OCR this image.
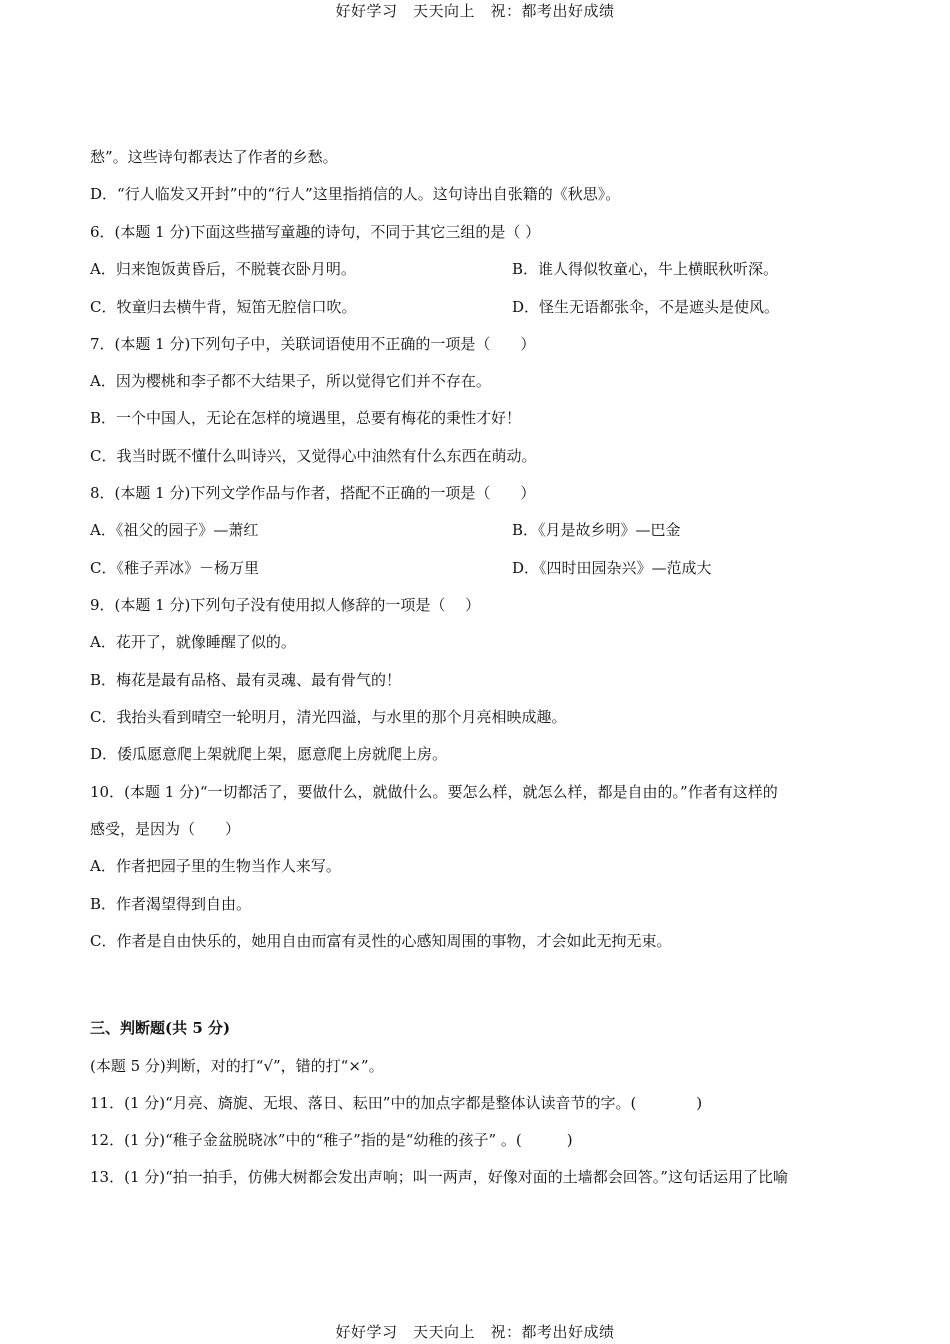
好好学习　天天向上　祝：都考出好成绩
愁”。这些诗句都表达了作者的乡愁。
D．“行人临发又开封”中的“行人”这里指捎信的人。这句诗出自张籍的《秋思》。
6．(本题 1 分)下面这些描写童趣的诗句，不同于其它三组的是（ ）
A．归来饱饭黄昏后，不脱蓑衣卧月明。	B．谁人得似牧童心，牛上横眠秋听深。
C．牧童归去横牛背，短笛无腔信口吹。	D．怪生无语都张伞，不是遮头是使风。
7．(本题 1 分)下列句子中，关联词语使用不正确的一项是（　　）
A．因为樱桃和李子都不大结果子，所以觉得它们并不存在。
B．一个中国人，无论在怎样的境遇里，总要有梅花的秉性才好！
C．我当时既不懂什么叫诗兴，又觉得心中油然有什么东西在萌动。
8．(本题 1 分)下列文学作品与作者，搭配不正确的一项是（　　）
A．《祖父的园子》—萧红	B．《月是故乡明》—巴金
C．《稚子弄冰》－杨万里	D．《四时田园杂兴》—范成大
9．(本题 1 分)下列句子没有使用拟人修辞的一项是（　 ）
A．花开了，就像睡醒了似的。
B．梅花是最有品格、最有灵魂、最有骨气的！
C．我抬头看到晴空一轮明月，清光四溢，与水里的那个月亮相映成趣。
D．倭瓜愿意爬上架就爬上架，愿意爬上房就爬上房。
10．(本题 1 分)“一切都活了，要做什么，就做什么。要怎么样，就怎么样，都是自由的。”作者有这样的
感受，是因为（　　）
A．作者把园子里的生物当作人来写。
B．作者渴望得到自由。
C．作者是自由快乐的，她用自由而富有灵性的心感知周围的事物，才会如此无拘无束。
三、判断题(共 5 分)
(本题 5 分)判断，对的打“√”，错的打“×”。
11．(1 分)“月亮、旖旎、无垠、落日、耘田”中的加点字都是整体认读音节的字。(　　　　)
12．(1 分)“稚子金盆脱晓冰”中的“稚子”指的是“幼稚的孩子” 。(　　　)
13．(1 分)“拍一拍手，仿佛大树都会发出声响；叫一两声，好像对面的土墙都会回答。”这句话运用了比喻
好好学习　天天向上　祝：都考出好成绩
